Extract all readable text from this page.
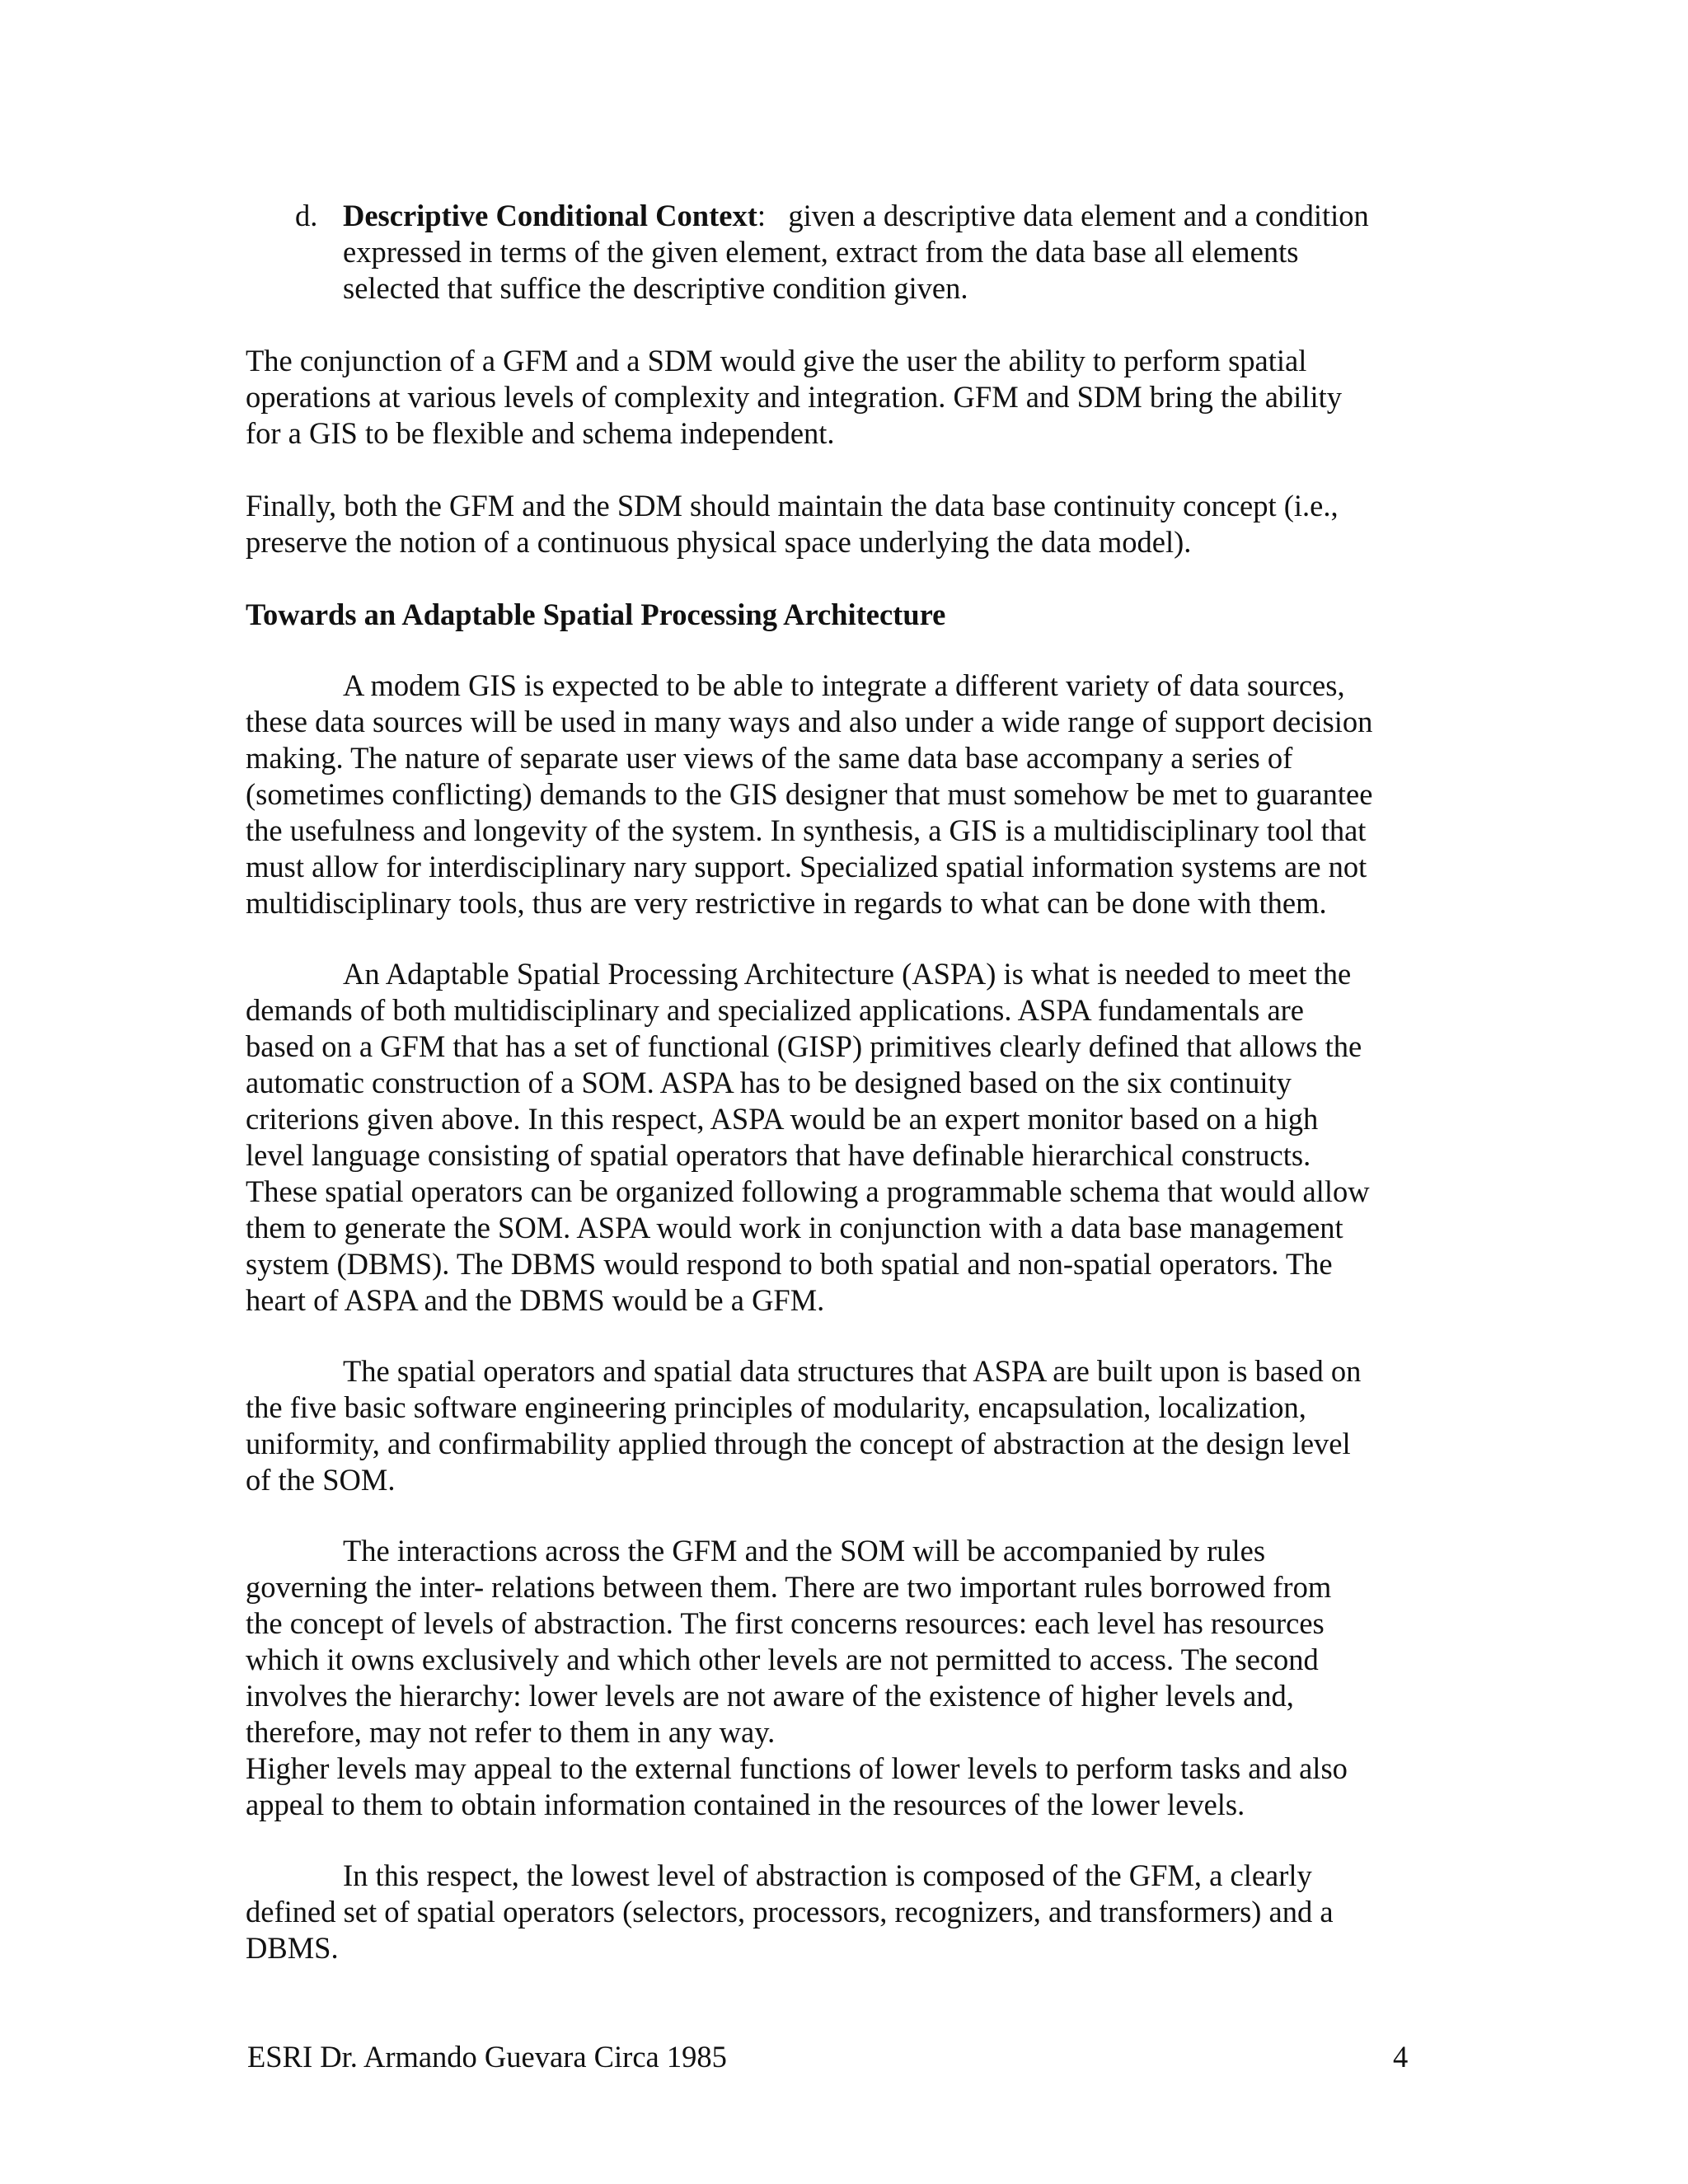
d. Descriptive Conditional Context: given a descriptive data element and a condition
expressed in terms of the given element, extract from the data base all elements
selected that suffice the descriptive condition given.
The conjunction of a GFM and a SDM would give the user the ability to perform spatial
operations at various levels of complexity and integration. GFM and SDM bring the ability
for a GIS to be flexible and schema independent.
Finally, both the GFM and the SDM should maintain the data base continuity concept (i.e.,
preserve the notion of a continuous physical space underlying the data model).
Towards an Adaptable Spatial Processing Architecture
A modem GIS is expected to be able to integrate a different variety of data sources,
these data sources will be used in many ways and also under a wide range of support decision
making. The nature of separate user views of the same data base accompany a series of
(sometimes conflicting) demands to the GIS designer that must somehow be met to guarantee
the usefulness and longevity of the system. In synthesis, a GIS is a multidisciplinary tool that
must allow for interdisciplinary nary support. Specialized spatial information systems are not
multidisciplinary tools, thus are very restrictive in regards to what can be done with them.
An Adaptable Spatial Processing Architecture (ASPA) is what is needed to meet the
demands of both multidisciplinary and specialized applications. ASPA fundamentals are
based on a GFM that has a set of functional (GISP) primitives clearly defined that allows the
automatic construction of a SOM. ASPA has to be designed based on the six continuity
criterions given above. In this respect, ASPA would be an expert monitor based on a high
level language consisting of spatial operators that have definable hierarchical constructs.
These spatial operators can be organized following a programmable schema that would allow
them to generate the SOM. ASPA would work in conjunction with a data base management
system (DBMS). The DBMS would respond to both spatial and non-spatial operators. The
heart of ASPA and the DBMS would be a GFM.
The spatial operators and spatial data structures that ASPA are built upon is based on
the five basic software engineering principles of modularity, encapsulation, localization,
uniformity, and confirmability applied through the concept of abstraction at the design level
of the SOM.
The interactions across the GFM and the SOM will be accompanied by rules
governing the inter- relations between them. There are two important rules borrowed from
the concept of levels of abstraction. The first concerns resources: each level has resources
which it owns exclusively and which other levels are not permitted to access. The second
involves the hierarchy: lower levels are not aware of the existence of higher levels and,
therefore, may not refer to them in any way.
Higher levels may appeal to the external functions of lower levels to perform tasks and also
appeal to them to obtain information contained in the resources of the lower levels.
In this respect, the lowest level of abstraction is composed of the GFM, a clearly
defined set of spatial operators (selectors, processors, recognizers, and transformers) and a
DBMS.
ESRI Dr. Armando Guevara Circa 1985	4
